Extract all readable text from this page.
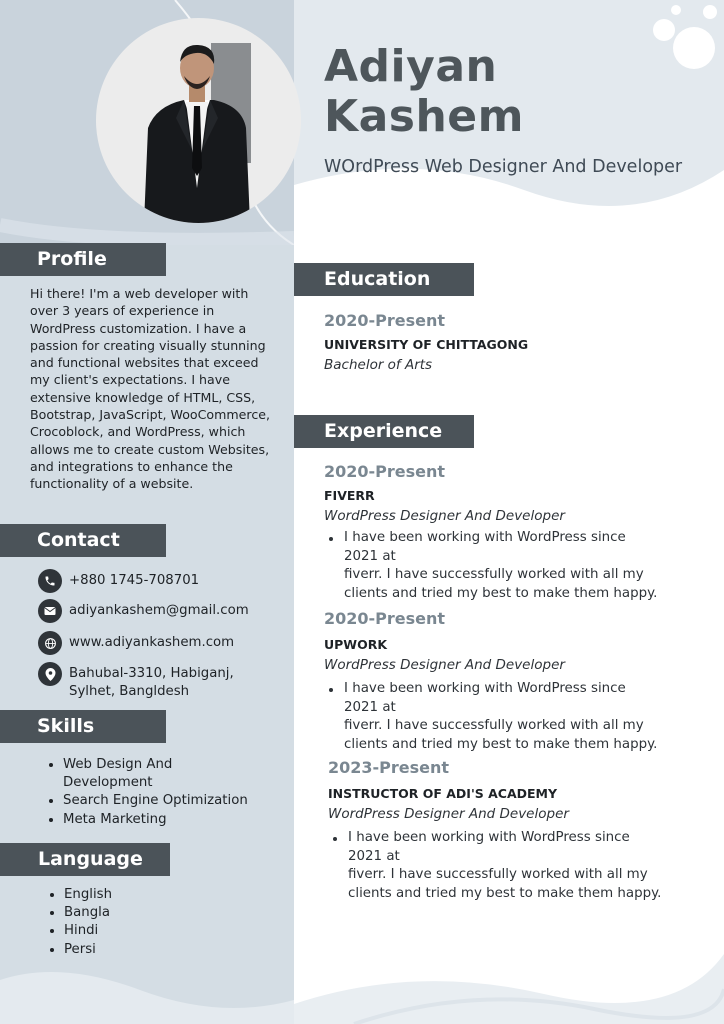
Adiyan
Kashem
WOrdPress Web Designer And Developer
Profile
Hi there! I'm a web developer with over 3 years of experience in WordPress customization. I have a passion for creating visually stunning and functional websites that exceed my client's expectations. I have extensive knowledge of HTML, CSS, Bootstrap, JavaScript, WooCommerce, Crocoblock, and WordPress, which allows me to create custom Websites, and integrations to enhance the functionality of a website.
Contact
+880 1745-708701
adiyankashem@gmail.com
www.adiyankashem.com
Bahubal-3310, Habiganj,
Sylhet, Bangldesh
Skills
Web Design And
Development
Search Engine Optimization
Meta Marketing
Language
English
Bangla
Hindi
Persi
Education
2020-Present
UNIVERSITY OF CHITTAGONG
Bachelor of Arts
Experience
2020-Present
FIVERR
WordPress Designer And Developer
I have been working with WordPress since 2021 at
fiverr. I have successfully worked with all my
clients and tried my best to make them happy.
2020-Present
UPWORK
WordPress Designer And Developer
I have been working with WordPress since 2021 at
fiverr. I have successfully worked with all my
clients and tried my best to make them happy.
2023-Present
INSTRUCTOR OF ADI'S ACADEMY
WordPress Designer And Developer
I have been working with WordPress since 2021 at
fiverr. I have successfully worked with all my
clients and tried my best to make them happy.
